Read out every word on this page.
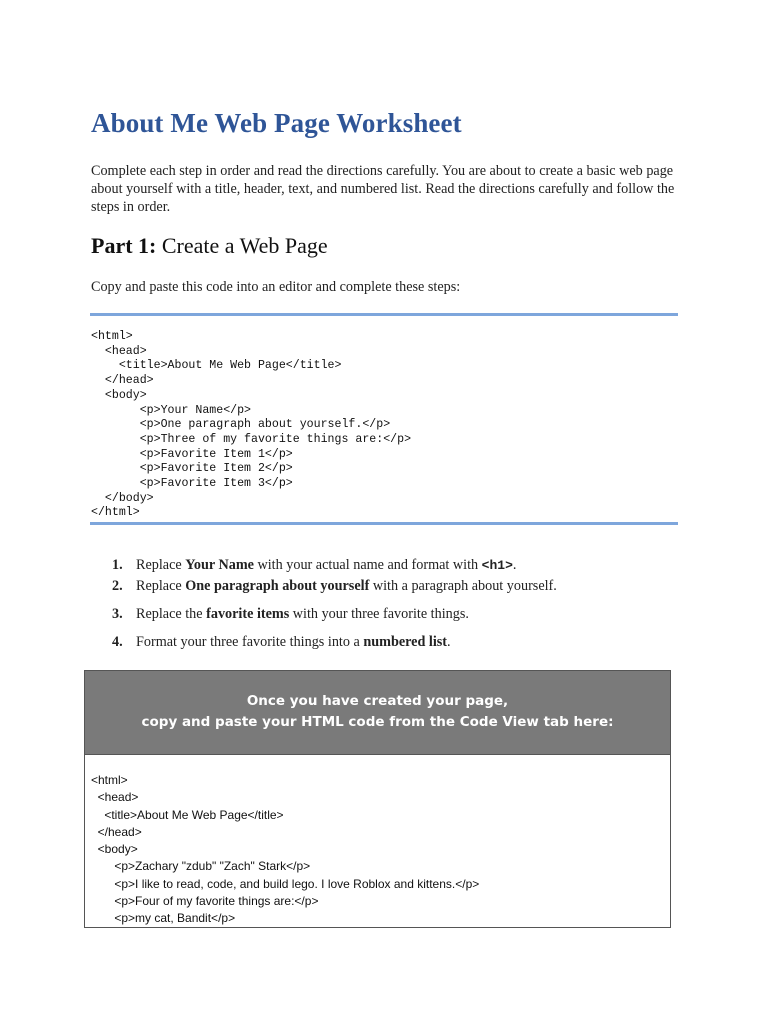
About Me Web Page Worksheet

Complete each step in order and read the directions carefully. You are about to create a basic web page about yourself with a title, header, text, and numbered list. Read the directions carefully and follow the steps in order.

Part 1: Create a Web Page

Copy and paste this code into an editor and complete these steps:

<html>
<head>
<title>About Me Web Page</title>
</head>
<body>
<p>Your Name</p>
<p>One paragraph about yourself.</p>
<p>Three of my favorite things are:</p>
<p>Favorite Item 1</p>
<p>Favorite Item 2</p>
<p>Favorite Item 3</p>
</body>
</html>
1. Replace Your Name with your actual name and format with <h1>.
2. Replace One paragraph about yourself with a paragraph about yourself.
3. Replace the favorite items with your three favorite things.
4. Format your three favorite things into a numbered list.
Once you have created your page,
copy and paste your HTML code from the Code View tab here:
<html>
<head>
<title>About Me Web Page</title>
</head>
<body>
<p>Zachary "zdub" "Zach" Stark</p>
<p>I like to read, code, and build lego. I love Roblox and kittens.</p>
<p>Four of my favorite things are:</p>
<p>my cat, Bandit</p>
